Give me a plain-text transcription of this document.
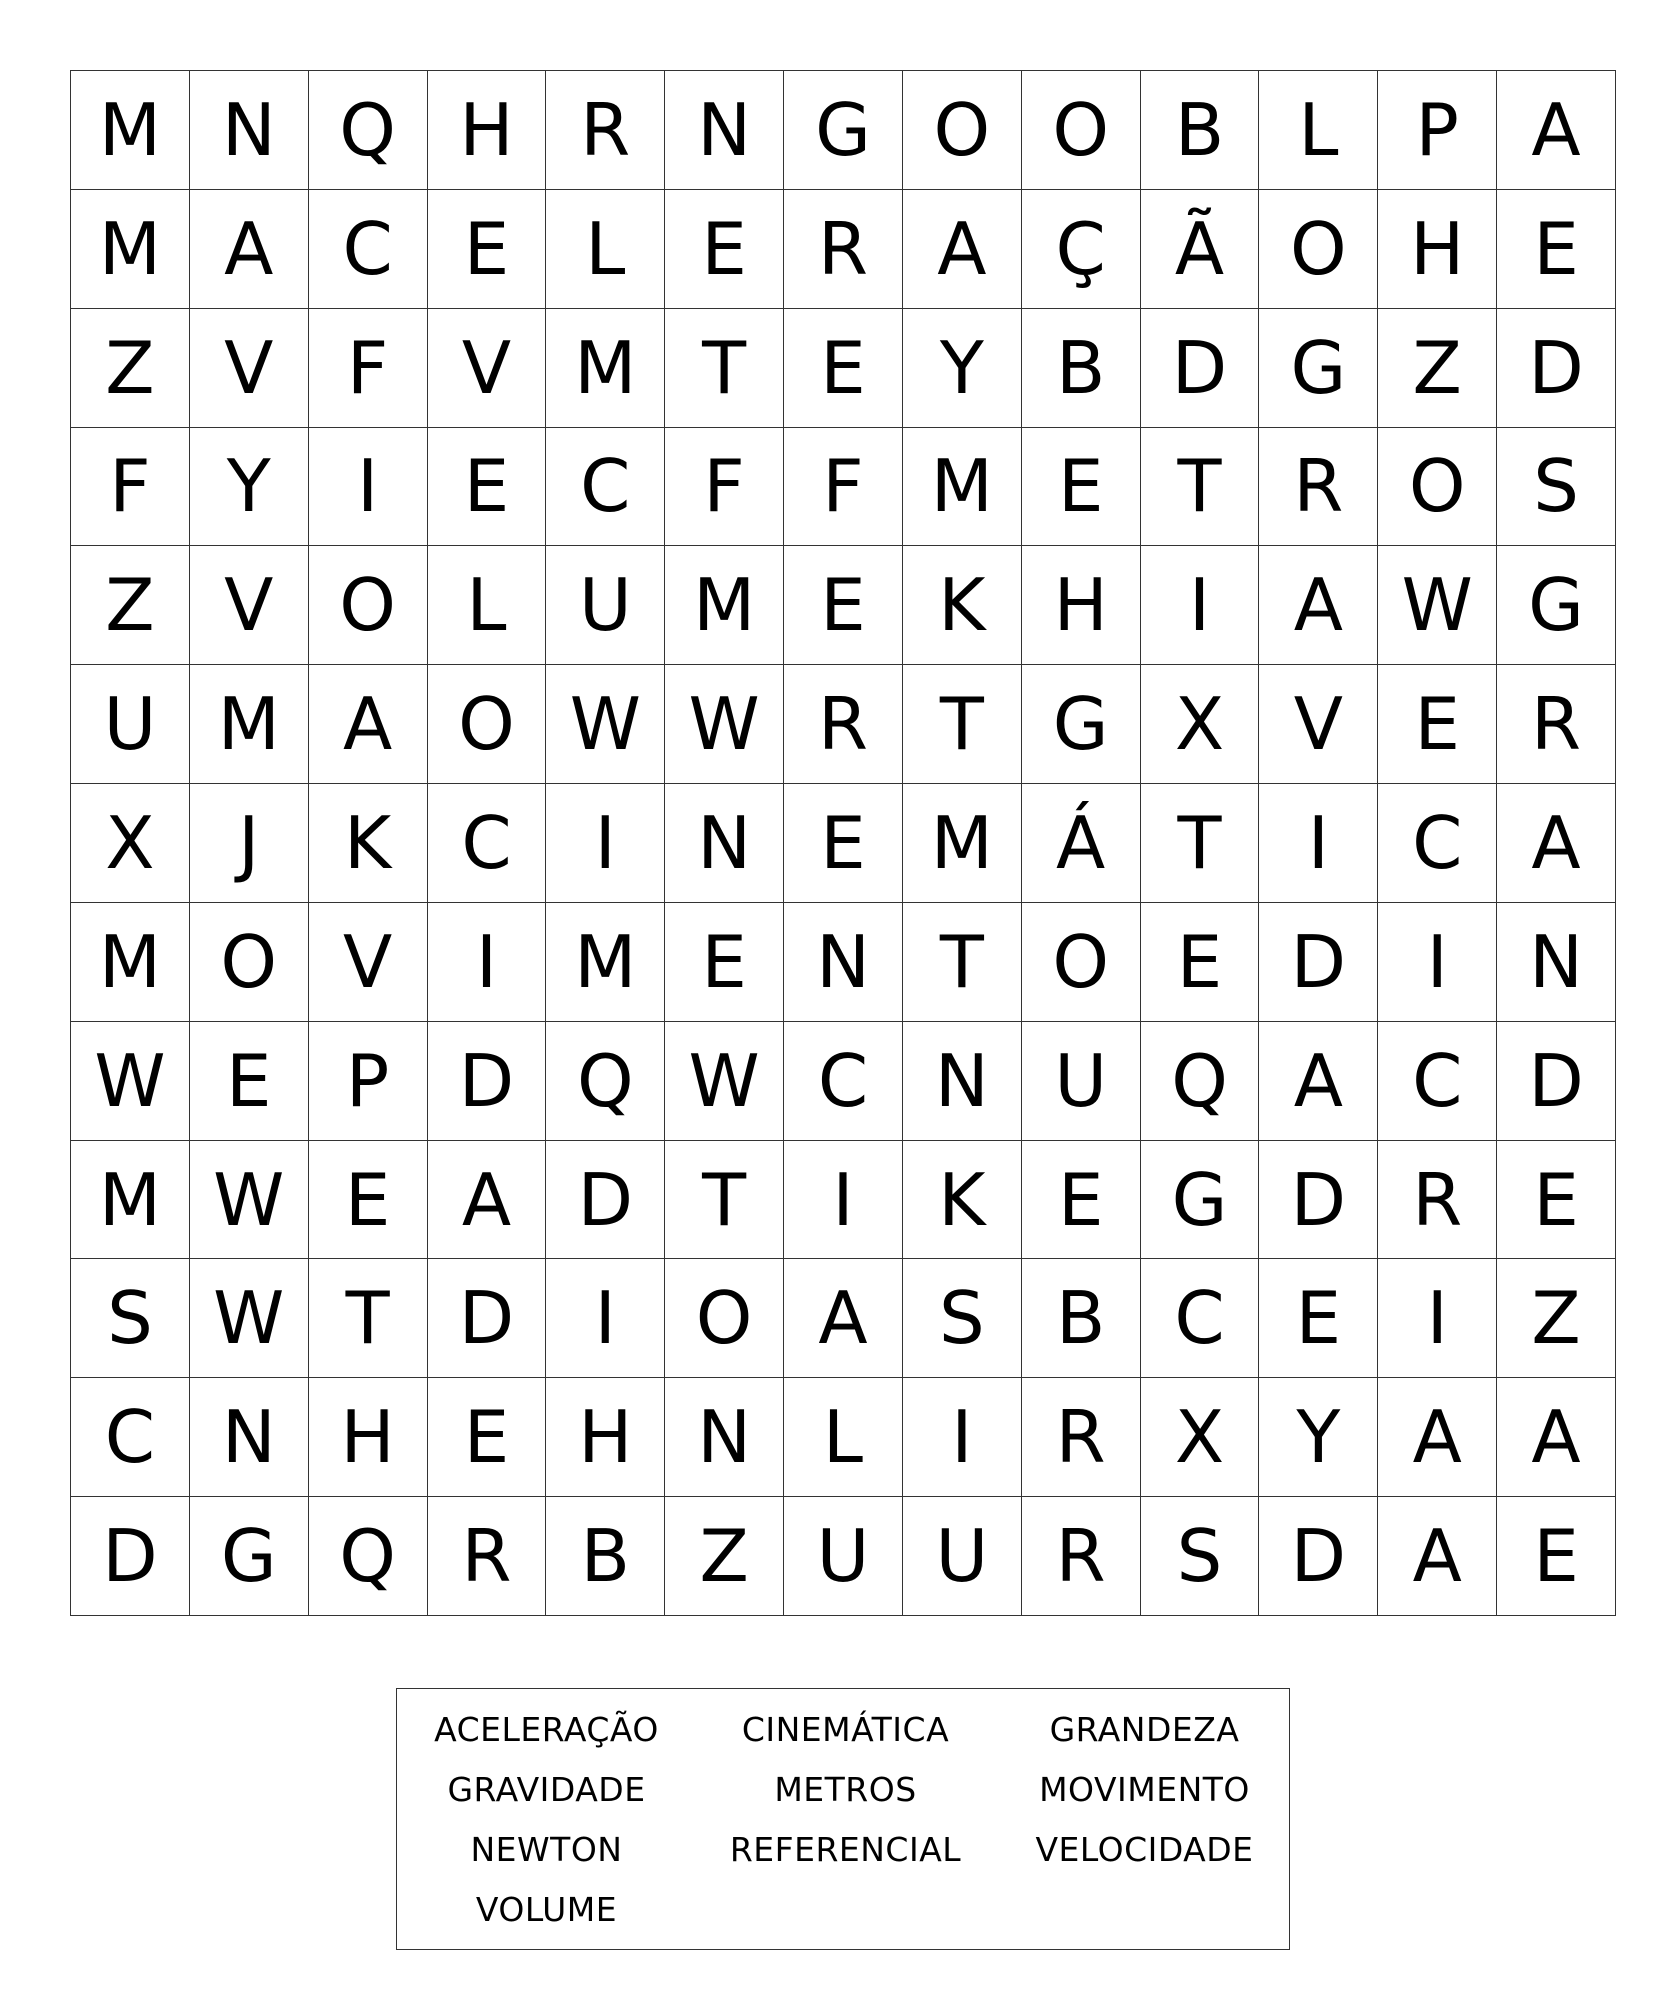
M N Q H R N G O O B	L	P	A
M A C E	L	E R A Ç Ã O H E
Z V	F	V M T	E	Y	B D G Z D
F	Y	I	E C	F	F M E	T R O S
Z V O L	U M E	K H	I	A W G
U M A O W W R T G X V E R
X	J	K C	I	N E M Á	T	I	C A
M O V	I	M E N T O E D	I	N
W E	P D Q W C N U Q A C D
M W E A D T	I	K	E G D R E
S W T D	I	O A S B C E	I	Z
C N H E H N L	I	R X	Y	A A
D G Q R B Z U U R S D A E
ACELERAÇÃO	CINEMÁTICA	GRANDEZA
GRAVIDADE	METROS	MOVIMENTO
NEWTON	REFERENCIAL	VELOCIDADE
VOLUME
